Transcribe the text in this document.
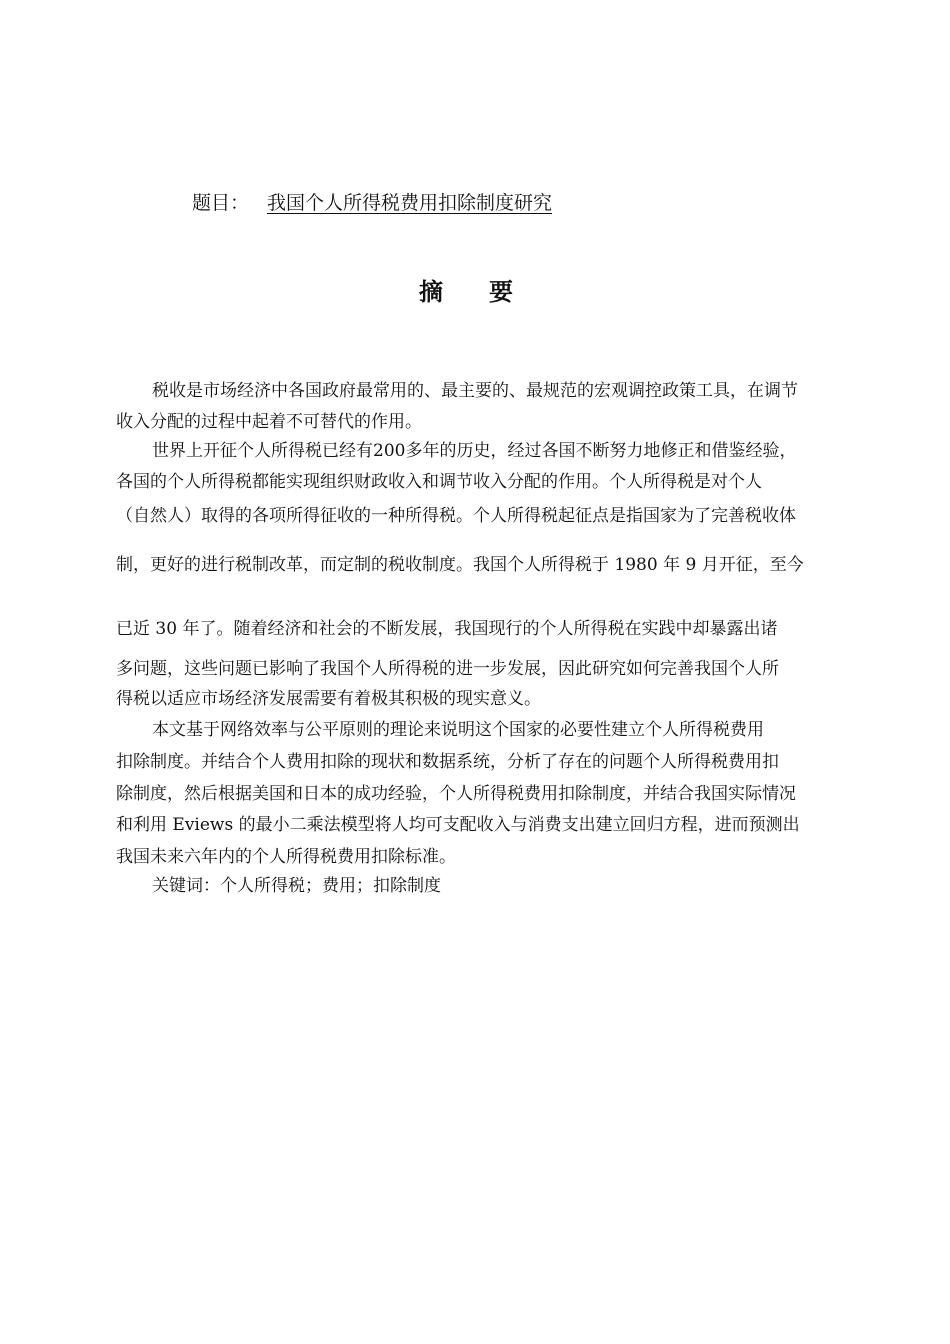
题目： 我国个人所得税费用扣除制度研究
摘要
税收是市场经济中各国政府最常用的、最主要的、最规范的宏观调控政策工具，在调节
收入分配的过程中起着不可替代的作用。
世界上开征个人所得税已经有200多年的历史，经过各国不断努力地修正和借鉴经验，
各国的个人所得税都能实现组织财政收入和调节收入分配的作用。个人所得税是对个人
（自然人）取得的各项所得征收的一种所得税。个人所得税起征点是指国家为了完善税收体
制，更好的进行税制改革，而定制的税收制度。我国个人所得税于 1980 年 9 月开征，至今
已近 30 年了。随着经济和社会的不断发展，我国现行的个人所得税在实践中却暴露出诸
多问题，这些问题已影响了我国个人所得税的进一步发展，因此研究如何完善我国个人所
得税以适应市场经济发展需要有着极其积极的现实意义。
本文基于网络效率与公平原则的理论来说明这个国家的必要性建立个人所得税费用
扣除制度。并结合个人费用扣除的现状和数据系统，分析了存在的问题个人所得税费用扣
除制度，然后根据美国和日本的成功经验，个人所得税费用扣除制度，并结合我国实际情况
和利用 Eviews 的最小二乘法模型将人均可支配收入与消费支出建立回归方程，进而预测出
我国未来六年内的个人所得税费用扣除标准。
关键词：个人所得税；费用；扣除制度
